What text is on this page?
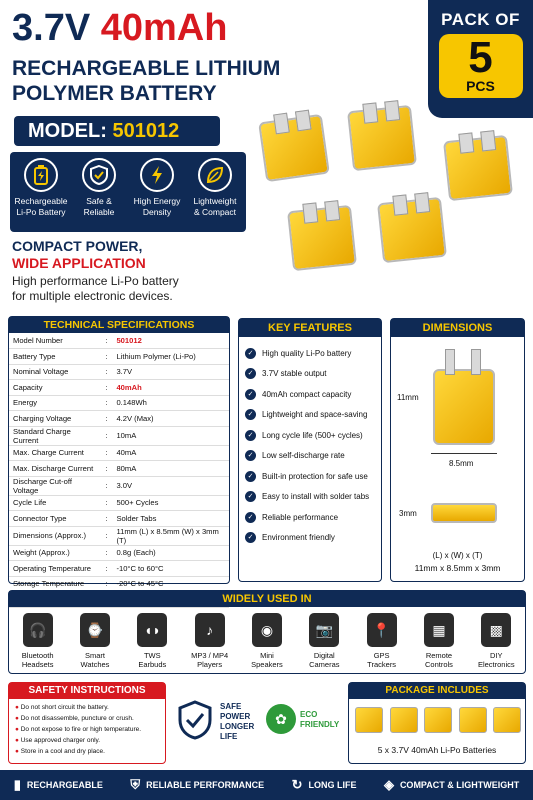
3.7V 40mAh
RECHARGEABLE LITHIUM
POLYMER BATTERY
PACK OF
5
PCS
MODEL: 501012
Rechargeable
Li-Po Battery
Safe &
Reliable
High Energy
Density
Lightweight
& Compact
COMPACT POWER,
WIDE APPLICATION
High performance Li-Po battery
for multiple electronic devices.
TECHNICAL SPECIFICATIONS
Model Number	:	501012
Battery Type	:	Lithium Polymer (Li-Po)
Nominal Voltage	:	3.7V
Capacity	:	40mAh
Energy	:	0.148Wh
Charging Voltage	:	4.2V (Max)
Standard Charge Current	:	10mA
Max. Charge Current	:	40mA
Max. Discharge Current	:	80mA
Discharge Cut-off Voltage	:	3.0V
Cycle Life	:	500+ Cycles
Connector Type	:	Solder Tabs
Dimensions (Approx.)	:	11mm (L) x 8.5mm (W) x 3mm (T)
Weight (Approx.)	:	0.8g (Each)
Operating Temperature	:	-10°C to 60°C
Storage Temperature	:	-20°C to 45°C

KEY FEATURES
✓	High quality Li-Po battery
✓	3.7V stable output
✓	40mAh compact capacity
✓	Lightweight and space-saving
✓	Long cycle life (500+ cycles)
✓	Low self-discharge rate
✓	Built-in protection for safe use
✓	Easy to install with solder tabs
✓	Reliable performance
✓	Environment friendly
DIMENSIONS
11mm
8.5mm
3mm
(L) x (W) x (T)
11mm x 8.5mm x 3mm
WIDELY USED IN
🎧
Bluetooth
Headsets
⌚
Smart
Watches
◖◗
TWS
Earbuds
♪
MP3 / MP4
Players
◉
Mini
Speakers
📷
Digital
Cameras
📍
GPS
Trackers
▦
Remote
Controls
▩
DIY
Electronics
SAFETY INSTRUCTIONS
● Do not short circuit the battery.
● Do not disassemble, puncture or crush.
● Do not expose to fire or high temperature.
● Use approved charger only.
● Store in a cool and dry place.
SAFE
POWER
LONGER
LIFE
✿	ECO
FRIENDLY
PACKAGE INCLUDES
5 x 3.7V 40mAh Li-Po Batteries
▮ RECHARGEABLE ⛨ RELIABLE PERFORMANCE ↻ LONG LIFE ◈ COMPACT & LIGHTWEIGHT
